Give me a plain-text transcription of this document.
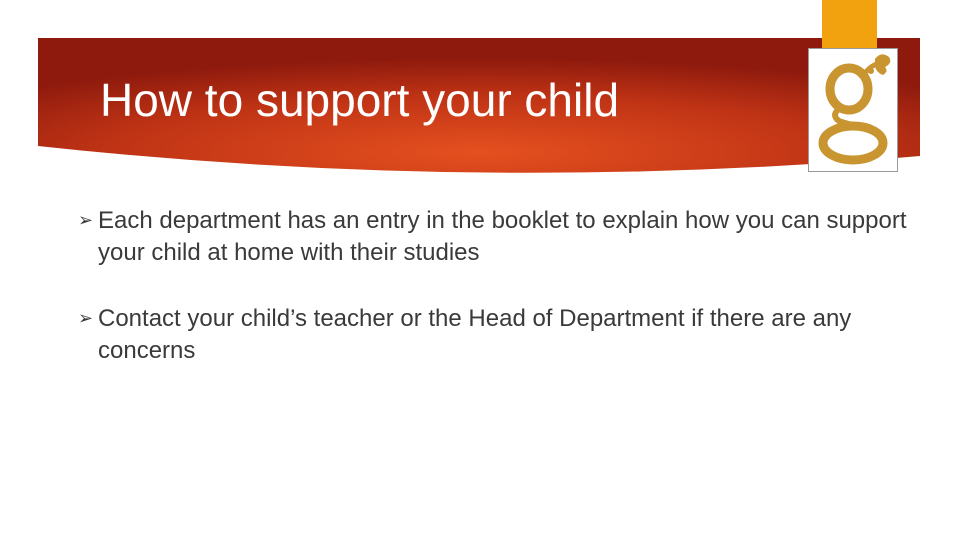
How to support your child
➢ Each department has an entry in the booklet to explain how you can support your child at home with their studies
➢ Contact your child’s teacher or the Head of Department if there are any concerns
